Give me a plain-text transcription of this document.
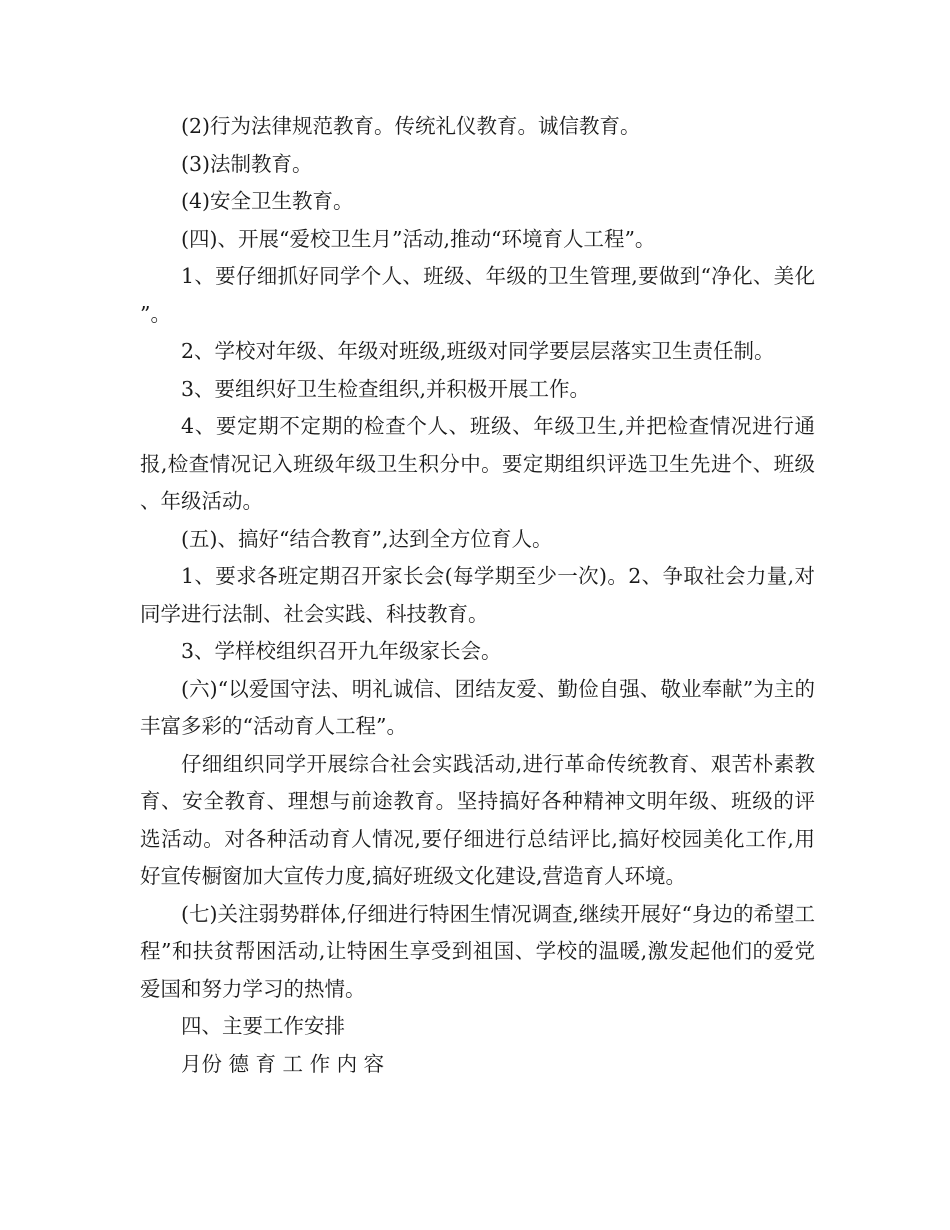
(2)行为法律规范教育。传统礼仪教育。诚信教育。

(3)法制教育。

(4)安全卫生教育。

(四)、开展“爱校卫生月”活动,推动“环境育人工程”。

1、要仔细抓好同学个人、班级、年级的卫生管理,要做到“净化、美化”。

2、学校对年级、年级对班级,班级对同学要层层落实卫生责任制。

3、要组织好卫生检查组织,并积极开展工作。

4、要定期不定期的检查个人、班级、年级卫生,并把检查情况进行通报,检查情况记入班级年级卫生积分中。要定期组织评选卫生先进个、班级、年级活动。

(五)、搞好“结合教育”,达到全方位育人。

1、要求各班定期召开家长会(每学期至少一次)。2、争取社会力量,对同学进行法制、社会实践、科技教育。

3、学样校组织召开九年级家长会。

(六)“以爱国守法、明礼诚信、团结友爱、勤俭自强、敬业奉献”为主的丰富多彩的“活动育人工程”。

仔细组织同学开展综合社会实践活动,进行革命传统教育、艰苦朴素教育、安全教育、理想与前途教育。坚持搞好各种精神文明年级、班级的评选活动。对各种活动育人情况,要仔细进行总结评比,搞好校园美化工作,用好宣传橱窗加大宣传力度,搞好班级文化建设,营造育人环境。

(七)关注弱势群体,仔细进行特困生情况调查,继续开展好“身边的希望工程”和扶贫帮困活动,让特困生享受到祖国、学校的温暖,激发起他们的爱党爱国和努力学习的热情。

四、主要工作安排

月份 德 育 工 作 内 容
